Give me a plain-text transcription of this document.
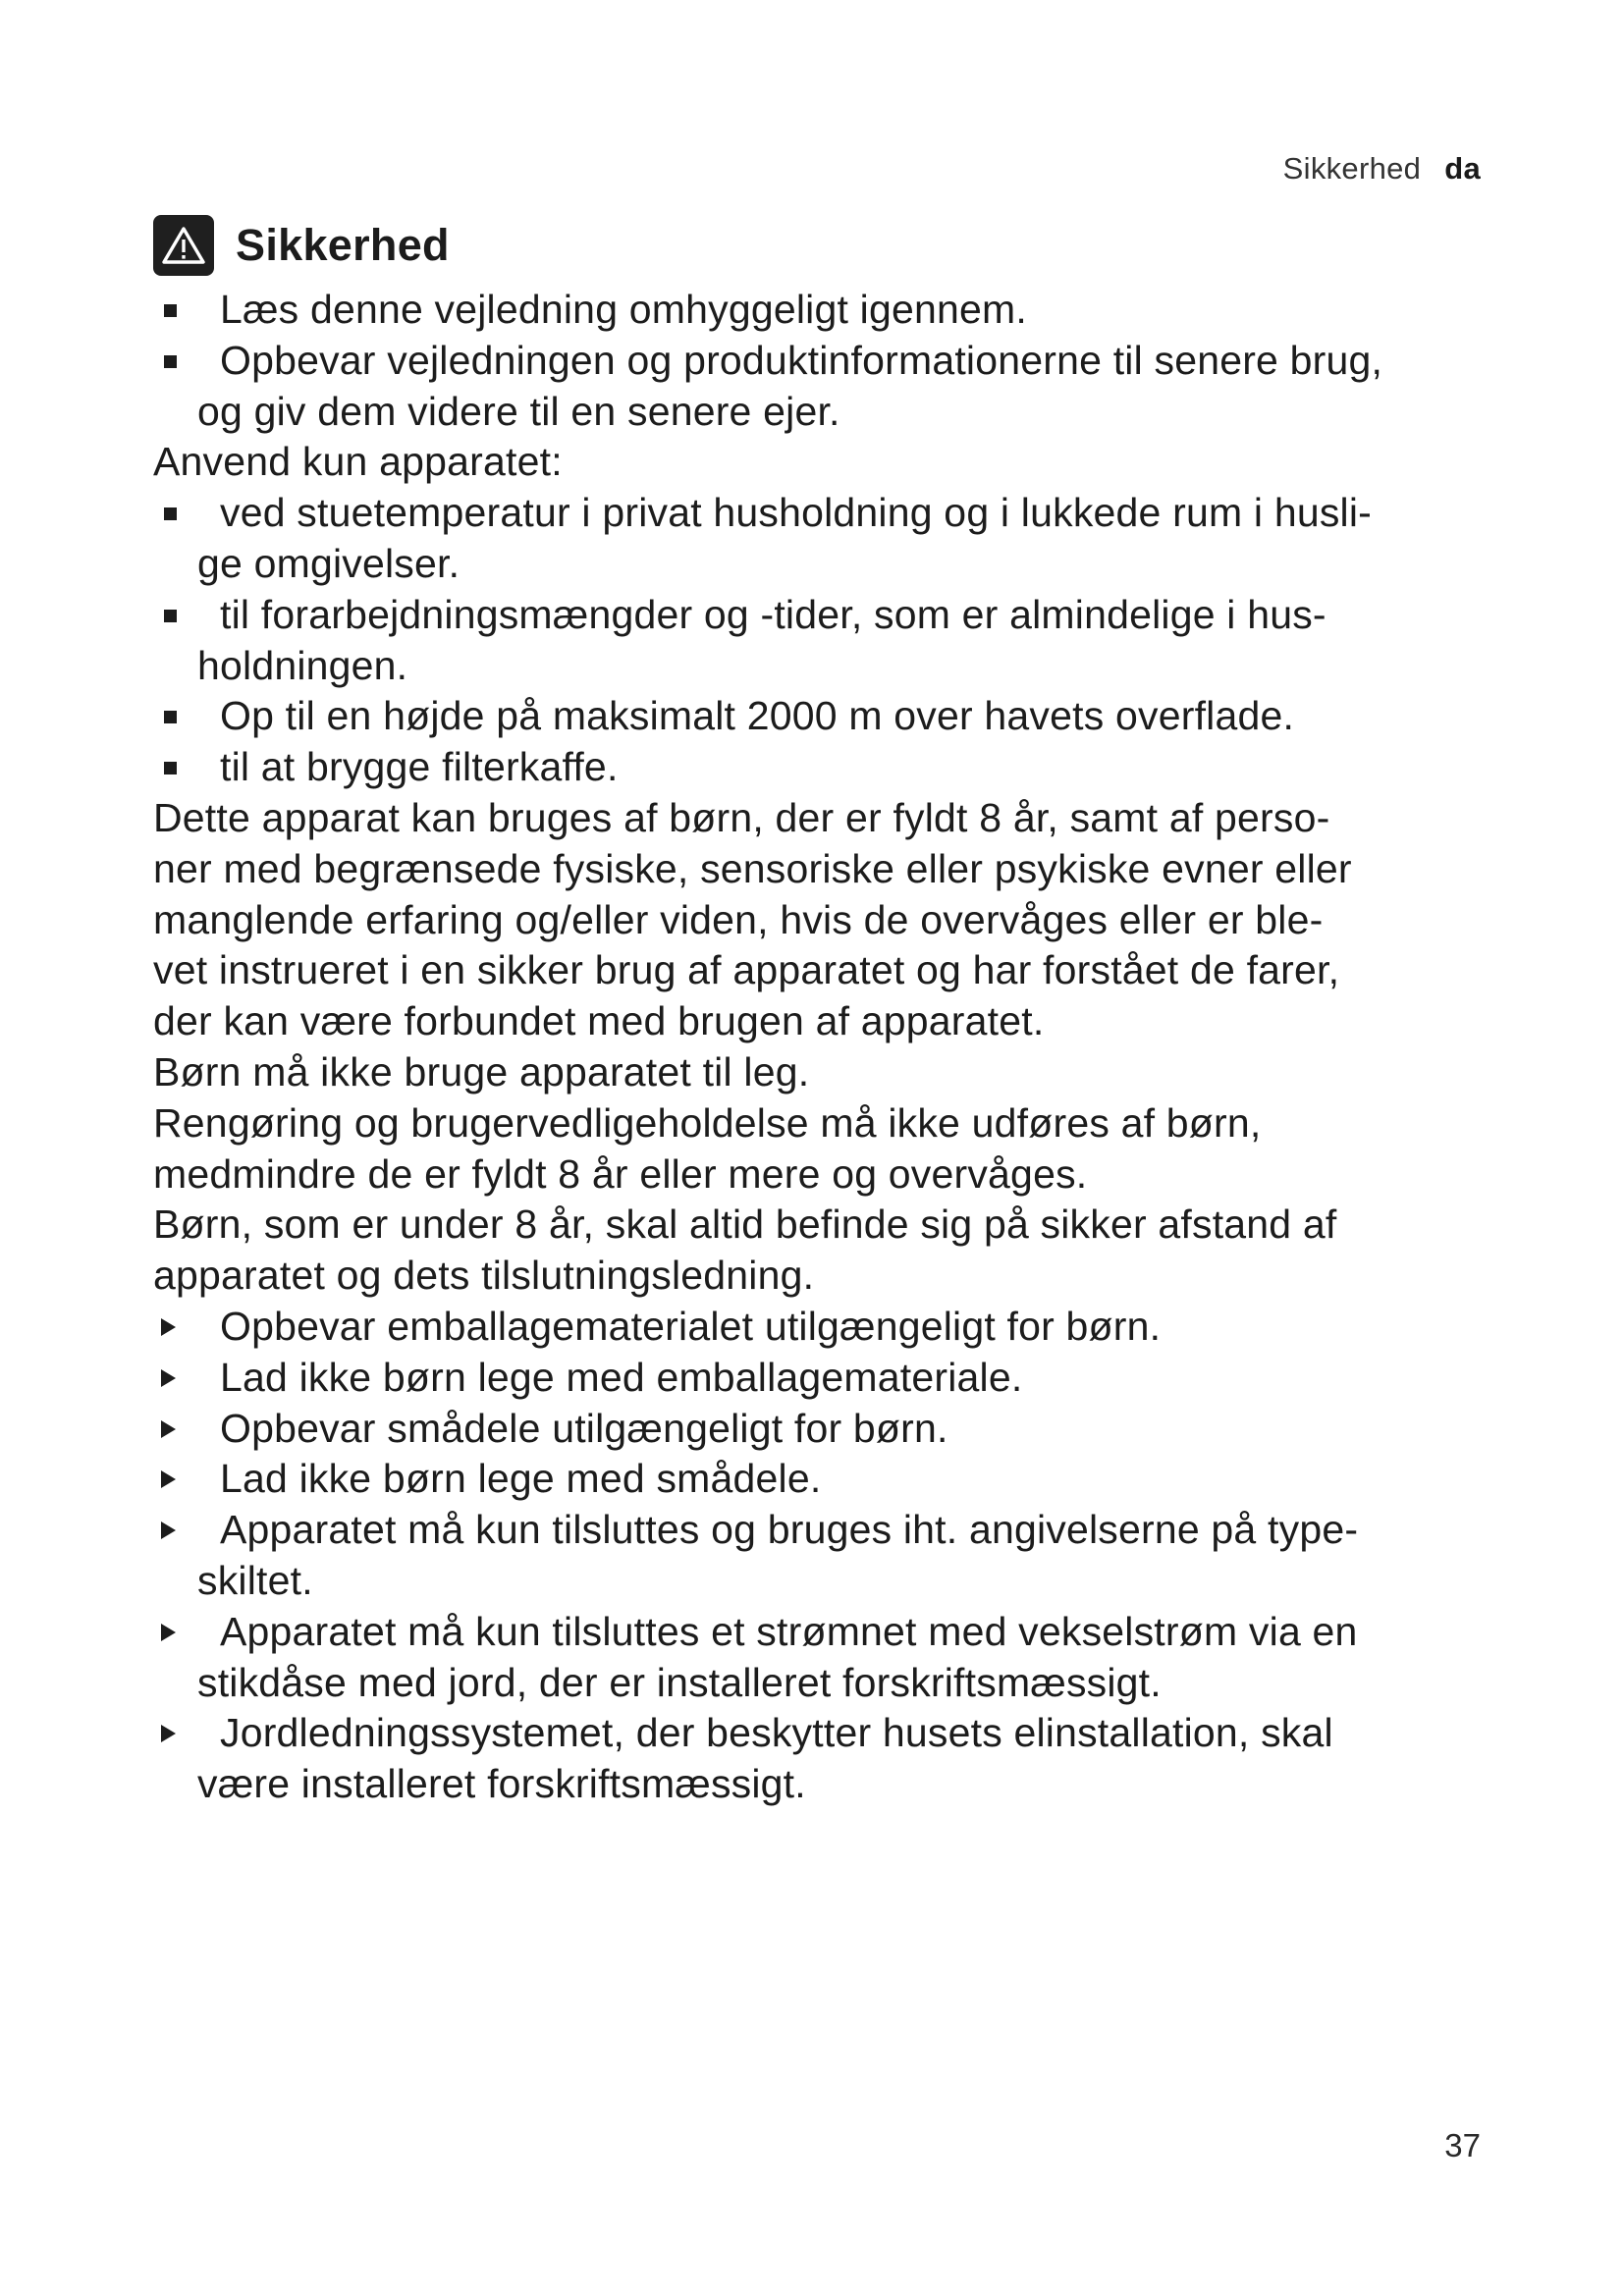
Sikkerhed da
Sikkerhed
Læs denne vejledning omhyggeligt igennem.
Opbevar vejledningen og produktinformationerne til senere brug,
og giv dem videre til en senere ejer.
Anvend kun apparatet:
ved stuetemperatur i privat husholdning og i lukkede rum i husli-
ge omgivelser.
til forarbejdningsmængder og -tider, som er almindelige i hus-
holdningen.
Op til en højde på maksimalt 2000 m over havets overflade.
til at brygge filterkaffe.
Dette apparat kan bruges af børn, der er fyldt 8 år, samt af perso-
ner med begrænsede fysiske, sensoriske eller psykiske evner eller
manglende erfaring og/eller viden, hvis de overvåges eller er ble-
vet instrueret i en sikker brug af apparatet og har forstået de farer,
der kan være forbundet med brugen af apparatet.
Børn må ikke bruge apparatet til leg.
Rengøring og brugervedligeholdelse må ikke udføres af børn,
medmindre de er fyldt 8 år eller mere og overvåges.
Børn, som er under 8 år, skal altid befinde sig på sikker afstand af
apparatet og dets tilslutningsledning.
Opbevar emballagematerialet utilgængeligt for børn.
Lad ikke børn lege med emballagemateriale.
Opbevar smådele utilgængeligt for børn.
Lad ikke børn lege med smådele.
Apparatet må kun tilsluttes og bruges iht. angivelserne på type-
skiltet.
Apparatet må kun tilsluttes et strømnet med vekselstrøm via en
stikdåse med jord, der er installeret forskriftsmæssigt.
Jordledningssystemet, der beskytter husets elinstallation, skal
være installeret forskriftsmæssigt.
37
